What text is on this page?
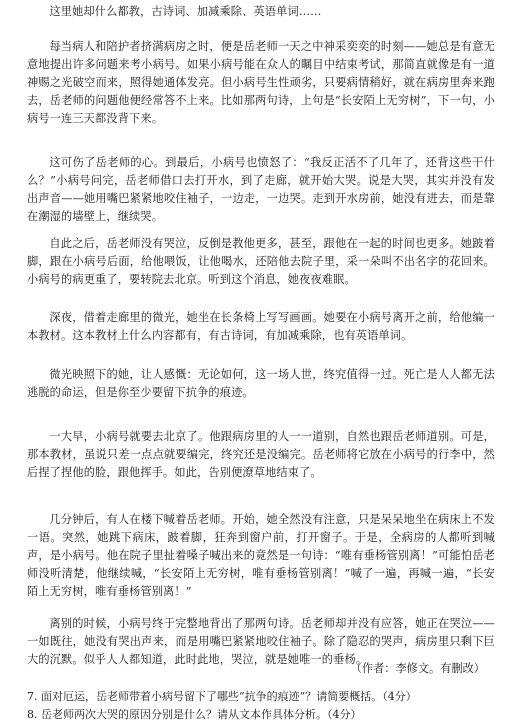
这里她却什么都教，古诗词、加减乘除、英语单词……

每当病人和陪护者挤满病房之时，便是岳老师一天之中神采奕奕的时刻——她总是有意无意地提出许多问题来考小病号。如果小病号能在众人的瞩目中结束考试，那简直就像是有一道神赐之光破空而来，照得她通体发亮。但小病号生性顽劣，只要病情稍好，就在病房里奔来跑去，岳老师的问题他便经常答不上来。比如那两句诗，上句是“长安陌上无穷树”，下一句，小病号一连三天都没背下来。

这可伤了岳老师的心。到最后，小病号也愤怒了：“我反正活不了几年了，还背这些干什么？”小病号问完，岳老师借口去打开水，到了走廊，就开始大哭。说是大哭，其实并没有发出声音——她用嘴巴紧紧地咬住袖子，一边走，一边哭。走到开水房前，她没有进去，而是靠在潮湿的墙壁上，继续哭。

自此之后，岳老师没有哭泣，反倒是教他更多，甚至，跟他在一起的时间也更多。她跛着脚，跟在小病号后面，给他喂饭，让他喝水，还陪他去院子里，采一朵叫不出名字的花回来。小病号的病更重了，要转院去北京。听到这个消息，她夜夜难眠。

深夜，借着走廊里的微光，她坐在长条椅上写写画画。她要在小病号离开之前，给他编一本教材。这本教材上什么内容都有，有古诗词，有加减乘除，也有英语单词。

微光映照下的她，让人感慨：无论如何，这一场人世，终究值得一过。死亡是人人都无法逃脱的命运，但是你至少要留下抗争的痕迹。

一大早，小病号就要去北京了。他跟病房里的人一一道别，自然也跟岳老师道别。可是，那本教材，虽说只差一点点就要编完，终究还是没编完。岳老师将它放在小病号的行李中，然后捏了捏他的脸，跟他挥手。如此，告别便潦草地结束了。

几分钟后，有人在楼下喊着岳老师。开始，她全然没有注意，只是呆呆地坐在病床上不发一语。突然，她跳下病床，跛着脚，狂奔到窗户前，打开窗子。于是，全病房的人都听到喊声，是小病号。他在院子里扯着嗓子喊出来的竟然是一句诗：“唯有垂杨管别离！”可能怕岳老师没听清楚，他继续喊，“长安陌上无穷树，唯有垂杨管别离！”喊了一遍，再喊一遍，“长安陌上无穷树，唯有垂杨管别离！”

离别的时候，小病号终于完整地背出了那两句诗。岳老师却并没有应答，她正在哭泣——一如既往，她没有哭出声来，而是用嘴巴紧紧地咬住袖子。除了隐忍的哭声，病房里只剩下巨大的沉默。似乎人人都知道，此时此地，哭泣，就是她唯一的垂杨。

（作者：李修文。有删改）

7. 面对厄运，岳老师带着小病号留下了哪些“抗争的痕迹”？请简要概括。（4分）

8. 岳老师两次大哭的原因分别是什么？请从文本作具体分析。（4分）
